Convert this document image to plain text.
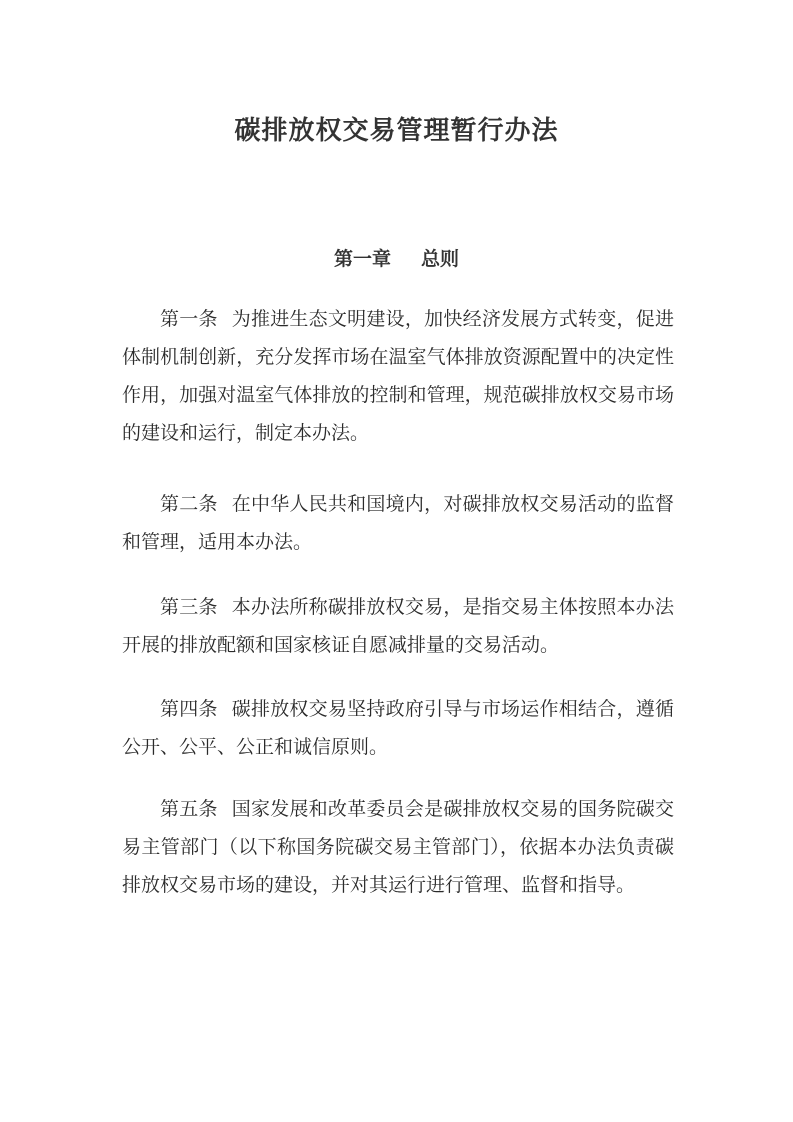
碳排放权交易管理暂行办法
第一章 总则

第一条 为推进生态文明建设，加快经济发展方式转变，促进体制机制创新，充分发挥市场在温室气体排放资源配置中的决定性作用，加强对温室气体排放的控制和管理，规范碳排放权交易市场的建设和运行，制定本办法。

第二条 在中华人民共和国境内，对碳排放权交易活动的监督和管理，适用本办法。

第三条 本办法所称碳排放权交易，是指交易主体按照本办法开展的排放配额和国家核证自愿减排量的交易活动。

第四条 碳排放权交易坚持政府引导与市场运作相结合，遵循公开、公平、公正和诚信原则。

第五条 国家发展和改革委员会是碳排放权交易的国务院碳交易主管部门（以下称国务院碳交易主管部门），依据本办法负责碳排放权交易市场的建设，并对其运行进行管理、监督和指导。
